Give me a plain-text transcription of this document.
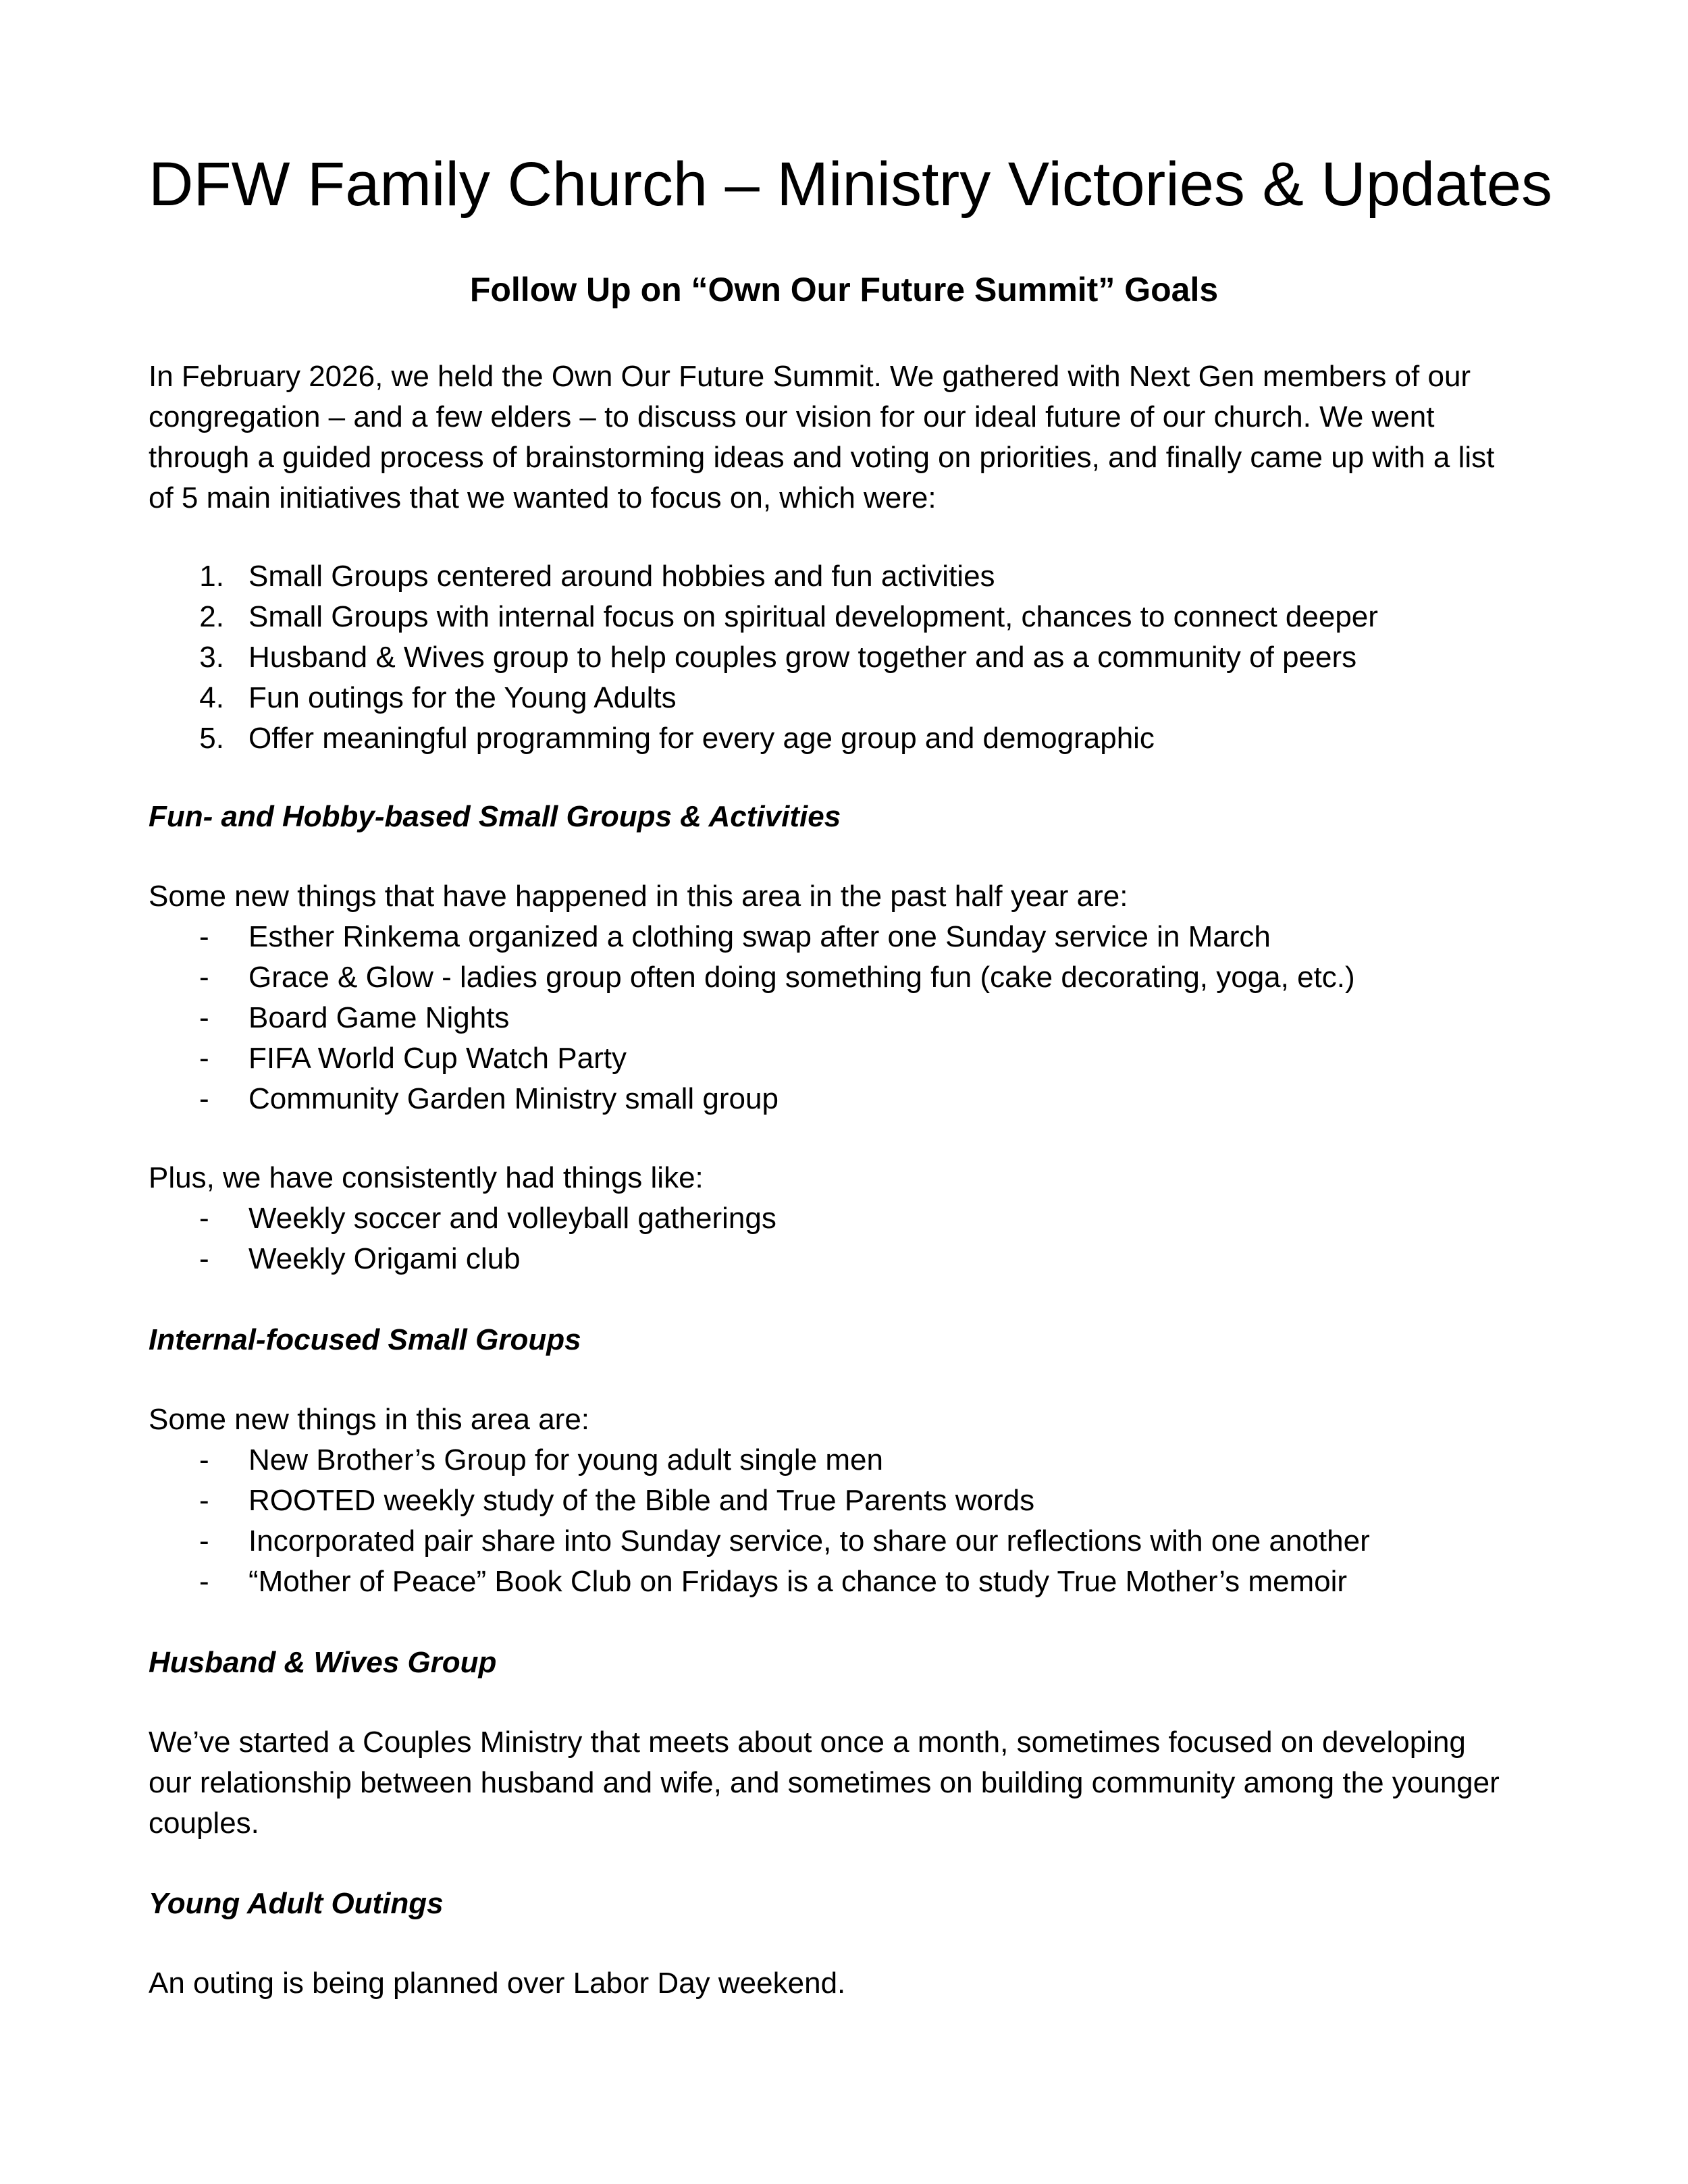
DFW Family Church – Ministry Victories & Updates
Follow Up on “Own Our Future Summit” Goals

In February 2026, we held the Own Our Future Summit. We gathered with Next Gen members of our

congregation – and a few elders – to discuss our vision for our ideal future of our church. We went

through a guided process of brainstorming ideas and voting on priorities, and finally came up with a list

of 5 main initiatives that we wanted to focus on, which were:

1. Small Groups centered around hobbies and fun activities
2. Small Groups with internal focus on spiritual development, chances to connect deeper
3. Husband & Wives group to help couples grow together and as a community of peers
4. Fun outings for the Young Adults
5. Offer meaningful programming for every age group and demographic
Fun- and Hobby-based Small Groups & Activities

Some new things that have happened in this area in the past half year are:

-	Esther Rinkema organized a clothing swap after one Sunday service in March
-	Grace & Glow - ladies group often doing something fun (cake decorating, yoga, etc.)
-	Board Game Nights
-	FIFA World Cup Watch Party
-	Community Garden Ministry small group

Plus, we have consistently had things like:

-	Weekly soccer and volleyball gatherings
-	Weekly Origami club
Internal-focused Small Groups

Some new things in this area are:

-	New Brother’s Group for young adult single men
-	ROOTED weekly study of the Bible and True Parents words
-	Incorporated pair share into Sunday service, to share our reflections with one another
-	“Mother of Peace” Book Club on Fridays is a chance to study True Mother’s memoir
Husband & Wives Group

We’ve started a Couples Ministry that meets about once a month, sometimes focused on developing

our relationship between husband and wife, and sometimes on building community among the younger

couples.

Young Adult Outings

An outing is being planned over Labor Day weekend.
